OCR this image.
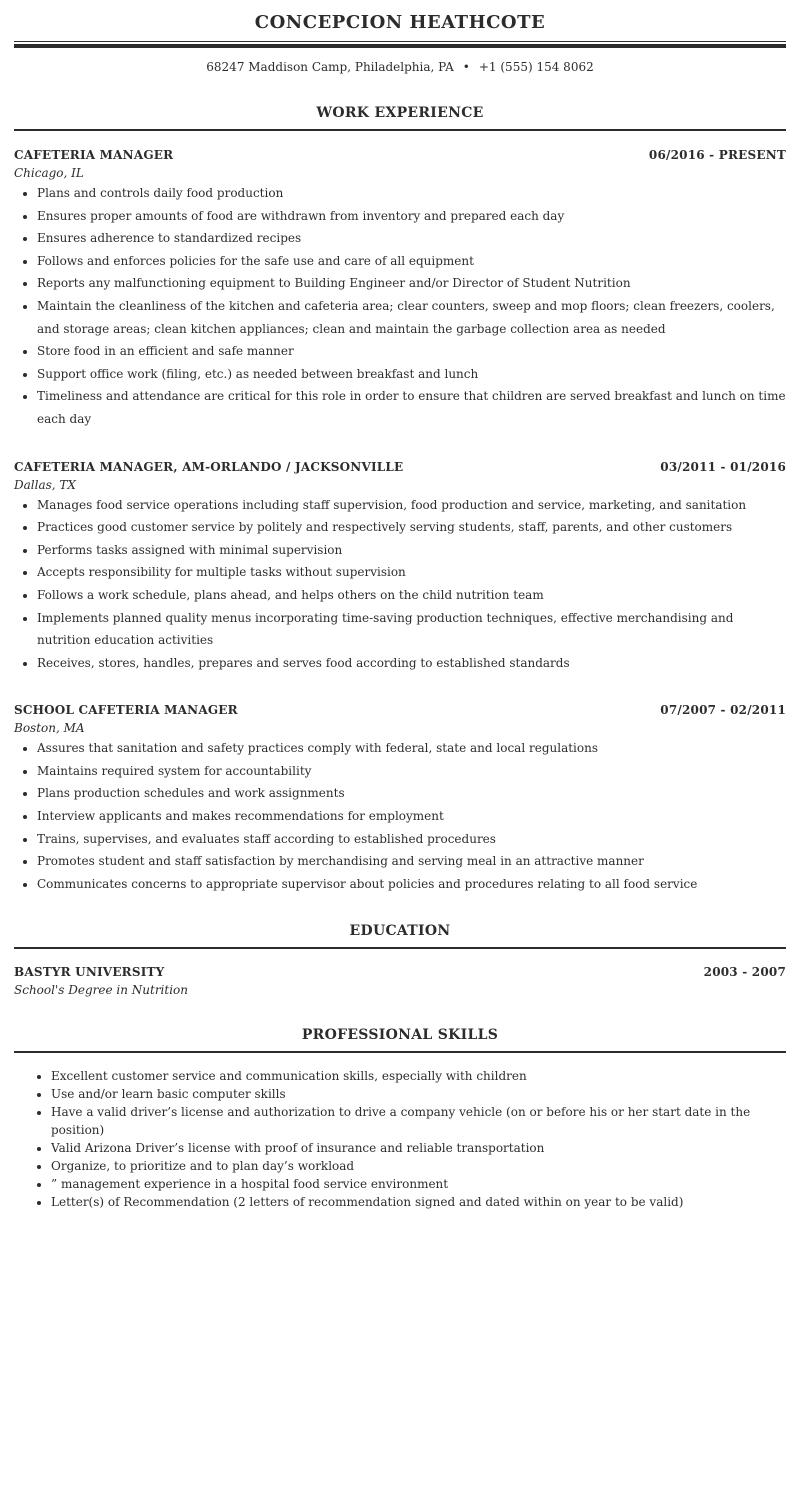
CONCEPCION HEATHCOTE
68247 Maddison Camp, Philadelphia, PA • +1 (555) 154 8062
WORK EXPERIENCE
CAFETERIA MANAGER	06/2016 - PRESENT
Chicago, IL
• Plans and controls daily food production
• Ensures proper amounts of food are withdrawn from inventory and prepared each day
• Ensures adherence to standardized recipes
• Follows and enforces policies for the safe use and care of all equipment
• Reports any malfunctioning equipment to Building Engineer and/or Director of Student Nutrition
• Maintain the cleanliness of the kitchen and cafeteria area; clear counters, sweep and mop floors; clean freezers, coolers, and storage areas; clean kitchen appliances; clean and maintain the garbage collection area as needed
• Store food in an efficient and safe manner
• Support office work (filing, etc.) as needed between breakfast and lunch
• Timeliness and attendance are critical for this role in order to ensure that children are served breakfast and lunch on time each day
CAFETERIA MANAGER, AM-ORLANDO / JACKSONVILLE	03/2011 - 01/2016
Dallas, TX
• Manages food service operations including staff supervision, food production and service, marketing, and sanitation
• Practices good customer service by politely and respectively serving students, staff, parents, and other customers
• Performs tasks assigned with minimal supervision
• Accepts responsibility for multiple tasks without supervision
• Follows a work schedule, plans ahead, and helps others on the child nutrition team
• Implements planned quality menus incorporating time-saving production techniques, effective merchandising and nutrition education activities
• Receives, stores, handles, prepares and serves food according to established standards
SCHOOL CAFETERIA MANAGER	07/2007 - 02/2011
Boston, MA
• Assures that sanitation and safety practices comply with federal, state and local regulations
• Maintains required system for accountability
• Plans production schedules and work assignments
• Interview applicants and makes recommendations for employment
• Trains, supervises, and evaluates staff according to established procedures
• Promotes student and staff satisfaction by merchandising and serving meal in an attractive manner
• Communicates concerns to appropriate supervisor about policies and procedures relating to all food service
EDUCATION
BASTYR UNIVERSITY	2003 - 2007
School's Degree in Nutrition
PROFESSIONAL SKILLS
• Excellent customer service and communication skills, especially with children
• Use and/or learn basic computer skills
• Have a valid driver’s license and authorization to drive a company vehicle (on or before his or her start date in the position)
• Valid Arizona Driver’s license with proof of insurance and reliable transportation
• Organize, to prioritize and to plan day’s workload
• ” management experience in a hospital food service environment
• Letter(s) of Recommendation (2 letters of recommendation signed and dated within on year to be valid)
